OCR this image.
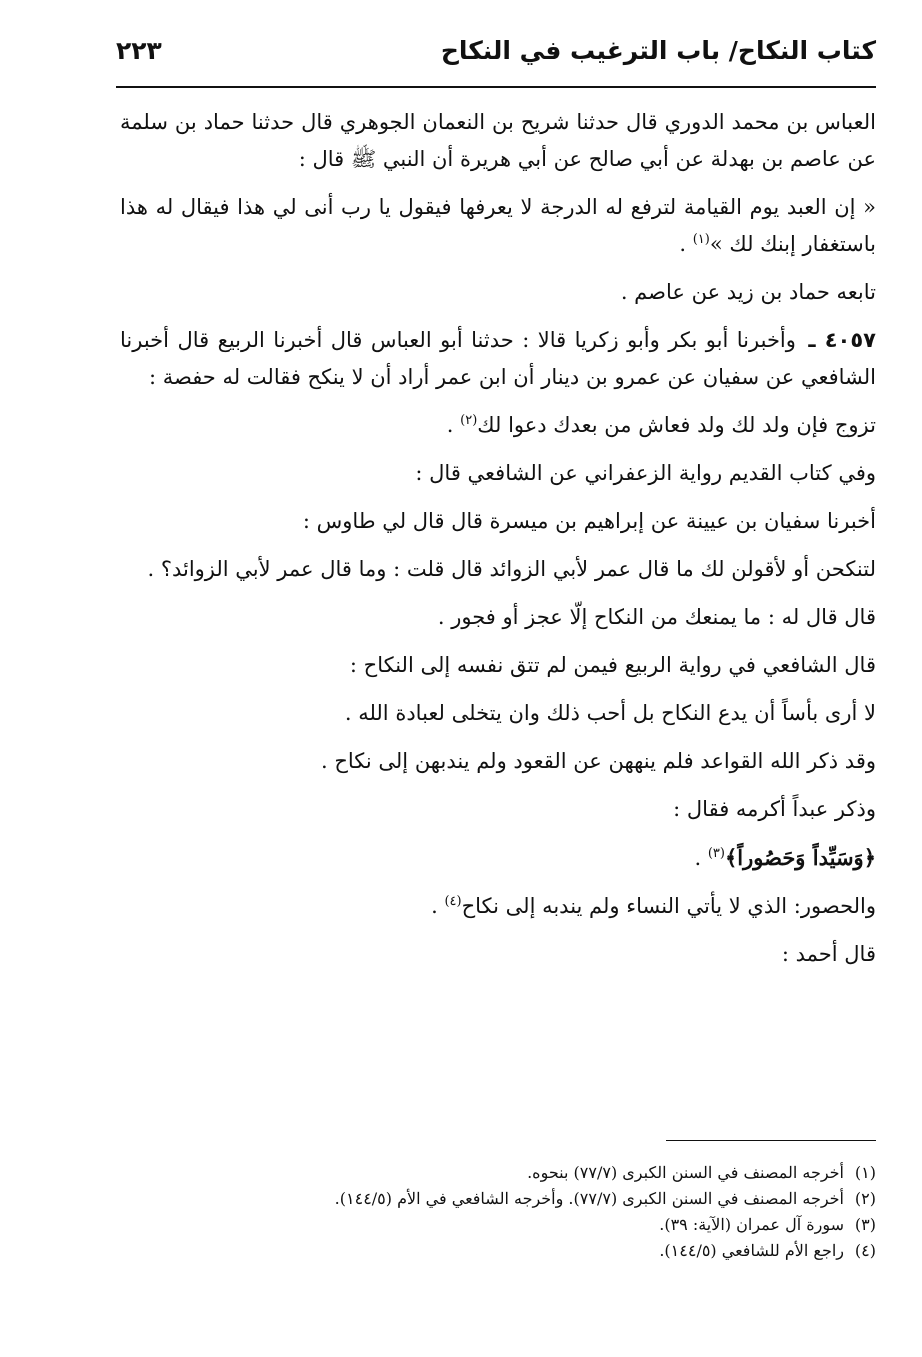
كتاب النكاح/ باب الترغيب في النكاح
٢٢٣

العباس بن محمد الدوري قال حدثنا شريح بن النعمان الجوهري قال حدثنا حماد بن سلمة عن عاصم بن بهدلة عن أبي صالح عن أبي هريرة أن النبي ﷺ قال :

« إن العبد يوم القيامة لترفع له الدرجة لا يعرفها فيقول يا رب أنى لي هذا فيقال له هذا باستغفار إبنك لك »$^{(١)}$ .

تابعه حماد بن زيد عن عاصم .

٤٠٥٧ ـ وأخبرنا أبو بكر وأبو زكريا قالا : حدثنا أبو العباس قال أخبرنا الربيع قال أخبرنا الشافعي عن سفيان عن عمرو بن دينار أن ابن عمر أراد أن لا ينكح فقالت له حفصة :

تزوج فإن ولد لك ولد فعاش من بعدك دعوا لك$^{(٢)}$ .

وفي كتاب القديم رواية الزعفراني عن الشافعي قال :

أخبرنا سفيان بن عيينة عن إبراهيم بن ميسرة قال قال لي طاوس :

لتنكحن أو لأقولن لك ما قال عمر لأبي الزوائد قال قلت : وما قال عمر لأبي الزوائد؟ .

قال قال له : ما يمنعك من النكاح إلّا عجز أو فجور .

قال الشافعي في رواية الربيع فيمن لم تتق نفسه إلى النكاح :

لا أرى بأساً أن يدع النكاح بل أحب ذلك وان يتخلى لعبادة الله .

وقد ذكر الله القواعد فلم ينههن عن القعود ولم يندبهن إلى نكاح .

وذكر عبداً أكرمه فقال :

﴿وَسَيِّداً وَحَصُوراً﴾$^{(٣)}$ .

والحصور: الذي لا يأتي النساء ولم يندبه إلى نكاح$^{(٤)}$ .

قال أحمد :

(١)أخرجه المصنف في السنن الكبرى (٧٧/٧) بنحوه.
(٢)أخرجه المصنف في السنن الكبرى (٧٧/٧). وأخرجه الشافعي في الأم (١٤٤/٥).
(٣)سورة آل عمران (الآية: ٣٩).
(٤)راجع الأم للشافعي (١٤٤/٥).
